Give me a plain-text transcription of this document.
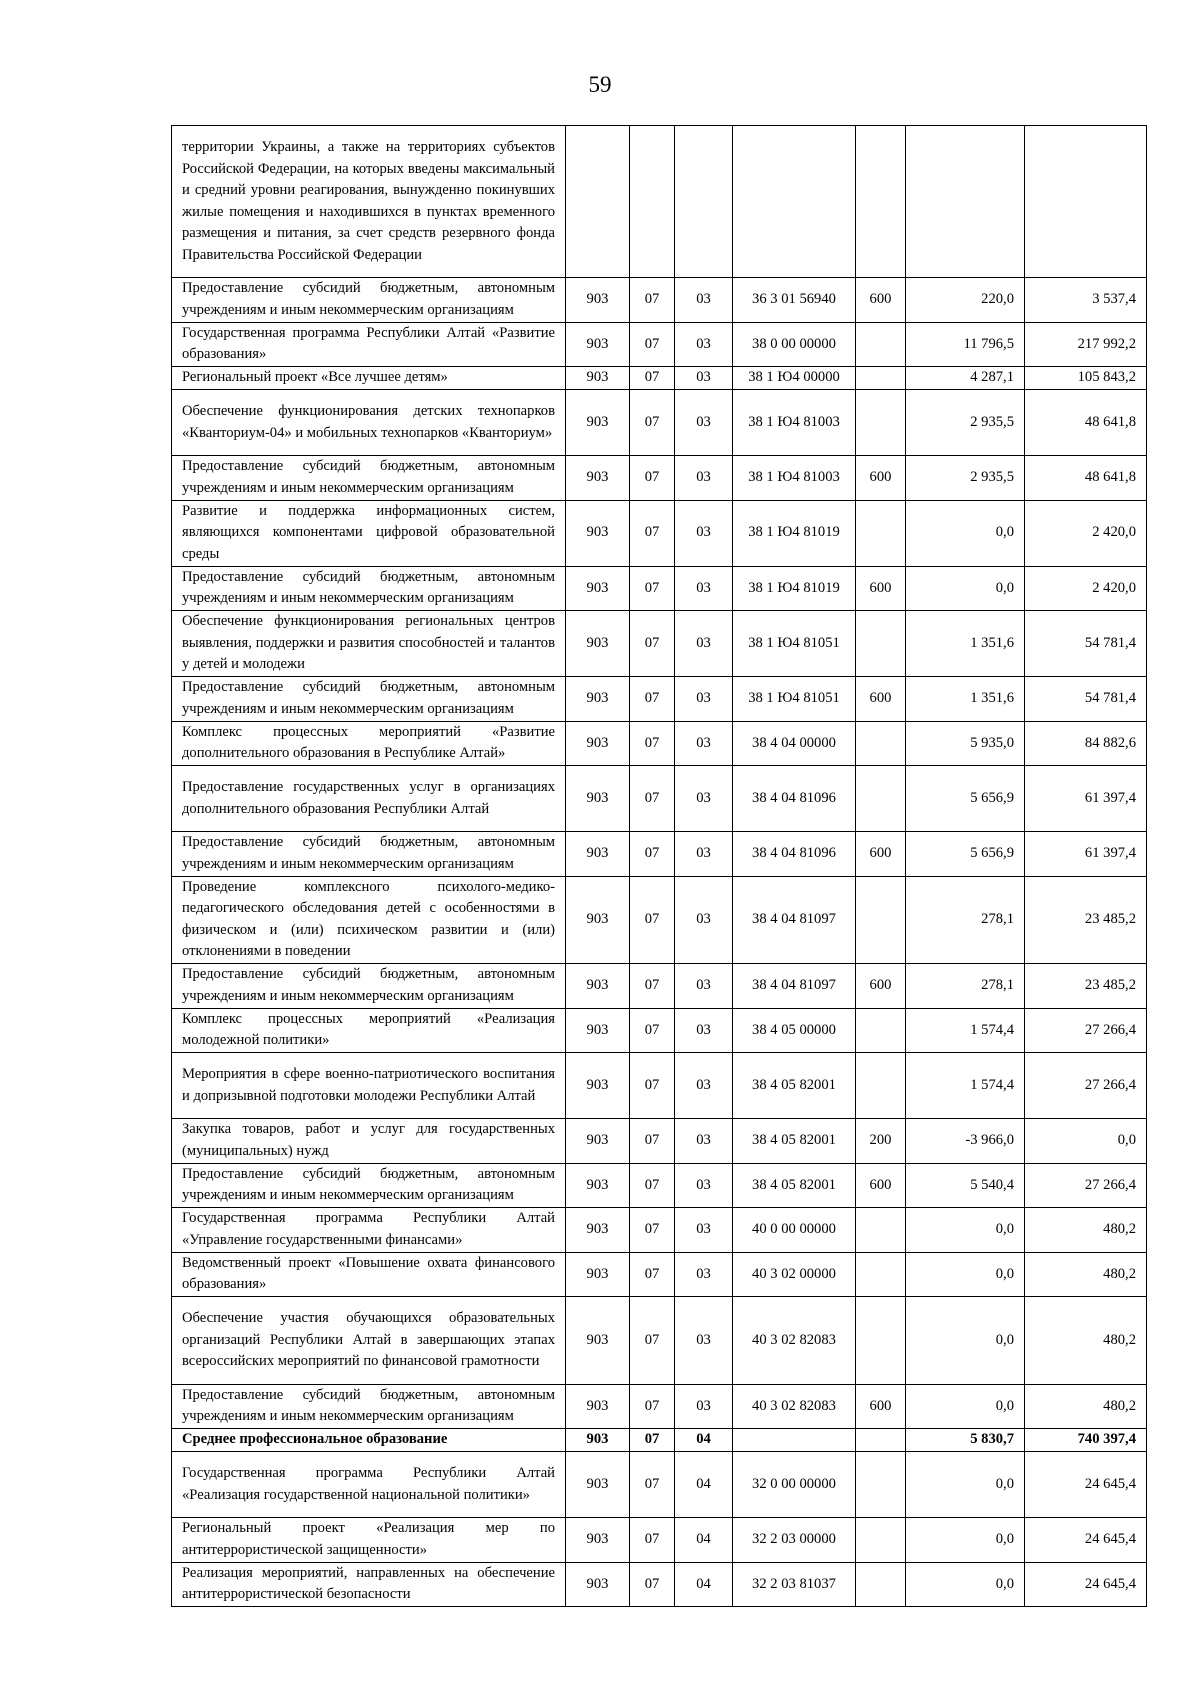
59
территории Украины, а также на территориях субъектов Российской Федерации, на которых введены максимальный и средний уровни реагирования, вынужденно покинувших жилые помещения и находившихся в пунктах временного размещения и питания, за счет средств резервного фонда Правительства Российской Федерации							
Предоставление субсидий бюджетным, автономным учреждениям и иным некоммерческим организациям	903	07	03	36 3 01 56940	600	220,0	3 537,4
Государственная программа Республики Алтай «Развитие образования»	903	07	03	38 0 00 00000		11 796,5	217 992,2
Региональный проект «Все лучшее детям»	903	07	03	38 1 Ю4 00000		4 287,1	105 843,2
Обеспечение функционирования детских технопарков «Кванториум-04» и мобильных технопарков «Кванториум»	903	07	03	38 1 Ю4 81003		2 935,5	48 641,8
Предоставление субсидий бюджетным, автономным учреждениям и иным некоммерческим организациям	903	07	03	38 1 Ю4 81003	600	2 935,5	48 641,8
Развитие и поддержка информационных систем, являющихся компонентами цифровой образовательной среды	903	07	03	38 1 Ю4 81019		0,0	2 420,0
Предоставление субсидий бюджетным, автономным учреждениям и иным некоммерческим организациям	903	07	03	38 1 Ю4 81019	600	0,0	2 420,0
Обеспечение функционирования региональных центров выявления, поддержки и развития способностей и талантов у детей и молодежи	903	07	03	38 1 Ю4 81051		1 351,6	54 781,4
Предоставление субсидий бюджетным, автономным учреждениям и иным некоммерческим организациям	903	07	03	38 1 Ю4 81051	600	1 351,6	54 781,4
Комплекс процессных мероприятий «Развитие дополнительного образования в Республике Алтай»	903	07	03	38 4 04 00000		5 935,0	84 882,6
Предоставление государственных услуг в организациях дополнительного образования Республики Алтай	903	07	03	38 4 04 81096		5 656,9	61 397,4
Предоставление субсидий бюджетным, автономным учреждениям и иным некоммерческим организациям	903	07	03	38 4 04 81096	600	5 656,9	61 397,4
Проведение комплексного психолого-медико-педагогического обследования детей с особенностями в физическом и (или) психическом развитии и (или) отклонениями в поведении	903	07	03	38 4 04 81097		278,1	23 485,2
Предоставление субсидий бюджетным, автономным учреждениям и иным некоммерческим организациям	903	07	03	38 4 04 81097	600	278,1	23 485,2
Комплекс процессных мероприятий «Реализация молодежной политики»	903	07	03	38 4 05 00000		1 574,4	27 266,4
Мероприятия в сфере военно-патриотического воспитания и допризывной подготовки молодежи Республики Алтай	903	07	03	38 4 05 82001		1 574,4	27 266,4
Закупка товаров, работ и услуг для государственных (муниципальных) нужд	903	07	03	38 4 05 82001	200	-3 966,0	0,0
Предоставление субсидий бюджетным, автономным учреждениям и иным некоммерческим организациям	903	07	03	38 4 05 82001	600	5 540,4	27 266,4
Государственная программа Республики Алтай «Управление государственными финансами»	903	07	03	40 0 00 00000		0,0	480,2
Ведомственный проект «Повышение охвата финансового образования»	903	07	03	40 3 02 00000		0,0	480,2
Обеспечение участия обучающихся образовательных организаций Республики Алтай в завершающих этапах всероссийских мероприятий по финансовой грамотности	903	07	03	40 3 02 82083		0,0	480,2
Предоставление субсидий бюджетным, автономным учреждениям и иным некоммерческим организациям	903	07	03	40 3 02 82083	600	0,0	480,2
Среднее профессиональное образование	903	07	04			5 830,7	740 397,4
Государственная программа Республики Алтай «Реализация государственной национальной политики»	903	07	04	32 0 00 00000		0,0	24 645,4
Региональный проект «Реализация мер по антитеррористической защищенности»	903	07	04	32 2 03 00000		0,0	24 645,4
Реализация мероприятий, направленных на обеспечение антитеррористической безопасности	903	07	04	32 2 03 81037		0,0	24 645,4
